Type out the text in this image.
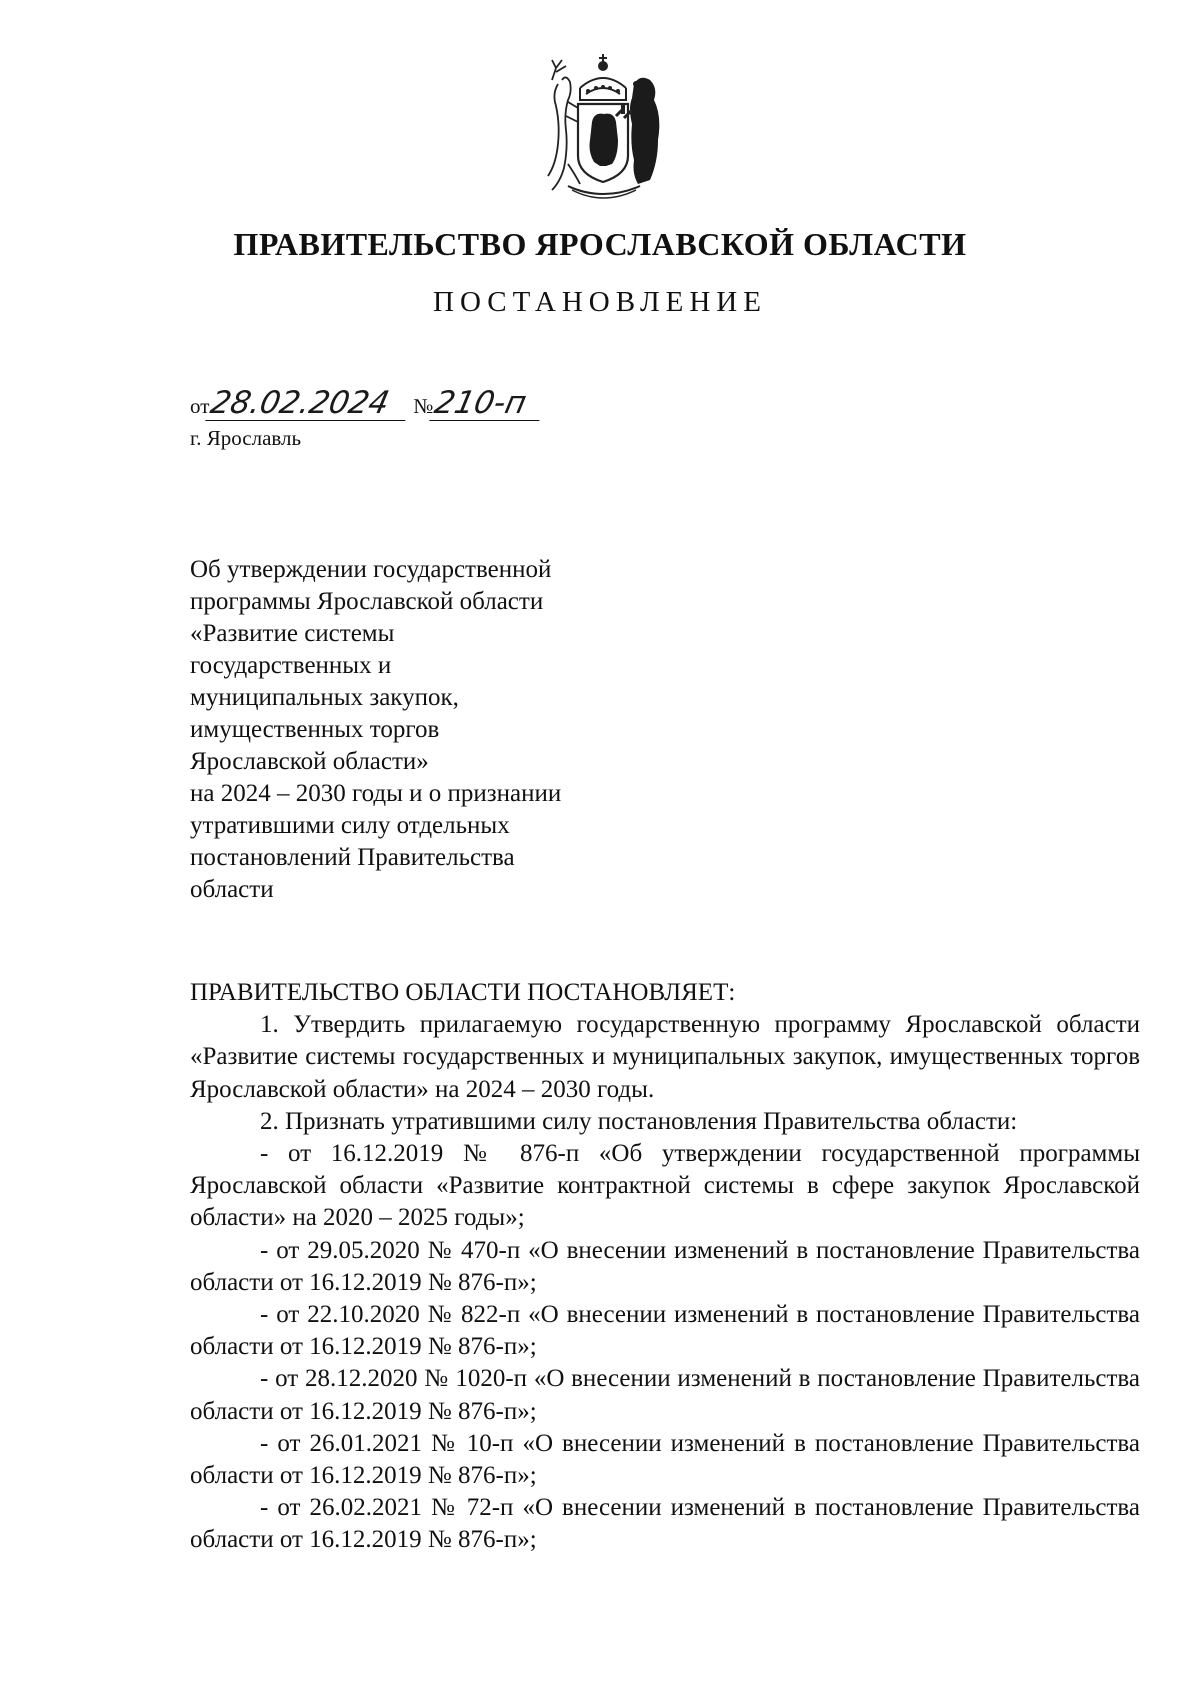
ПРАВИТЕЛЬСТВО ЯРОСЛАВСКОЙ ОБЛАСТИ
ПОСТАНОВЛЕНИЕ
от28.02.2024 №210-п
г. Ярославль
Об утверждении государственной
программы Ярославской области
«Развитие системы
государственных и
муниципальных закупок,
имущественных торгов
Ярославской области»
на 2024 – 2030 годы и о признании
утратившими силу отдельных
постановлений Правительства
области
ПРАВИТЕЛЬСТВО ОБЛАСТИ ПОСТАНОВЛЯЕТ:

1. Утвердить прилагаемую государственную программу Ярославской области «Развитие системы государственных и муниципальных закупок, имущественных торгов Ярославской области» на 2024 – 2030 годы.

2. Признать утратившими силу постановления Правительства области:

- от 16.12.2019 № 876-п «Об утверждении государственной программы Ярославской области «Развитие контрактной системы в сфере закупок Ярославской области» на 2020 – 2025 годы»;

- от 29.05.2020 № 470-п «О внесении изменений в постановление Правительства области от 16.12.2019 № 876-п»;

- от 22.10.2020 № 822-п «О внесении изменений в постановление Правительства области от 16.12.2019 № 876-п»;

- от 28.12.2020 № 1020-п «О внесении изменений в постановление Правительства области от 16.12.2019 № 876-п»;

- от 26.01.2021 № 10-п «О внесении изменений в постановление Правительства области от 16.12.2019 № 876-п»;

- от 26.02.2021 № 72-п «О внесении изменений в постановление Правительства области от 16.12.2019 № 876-п»;
